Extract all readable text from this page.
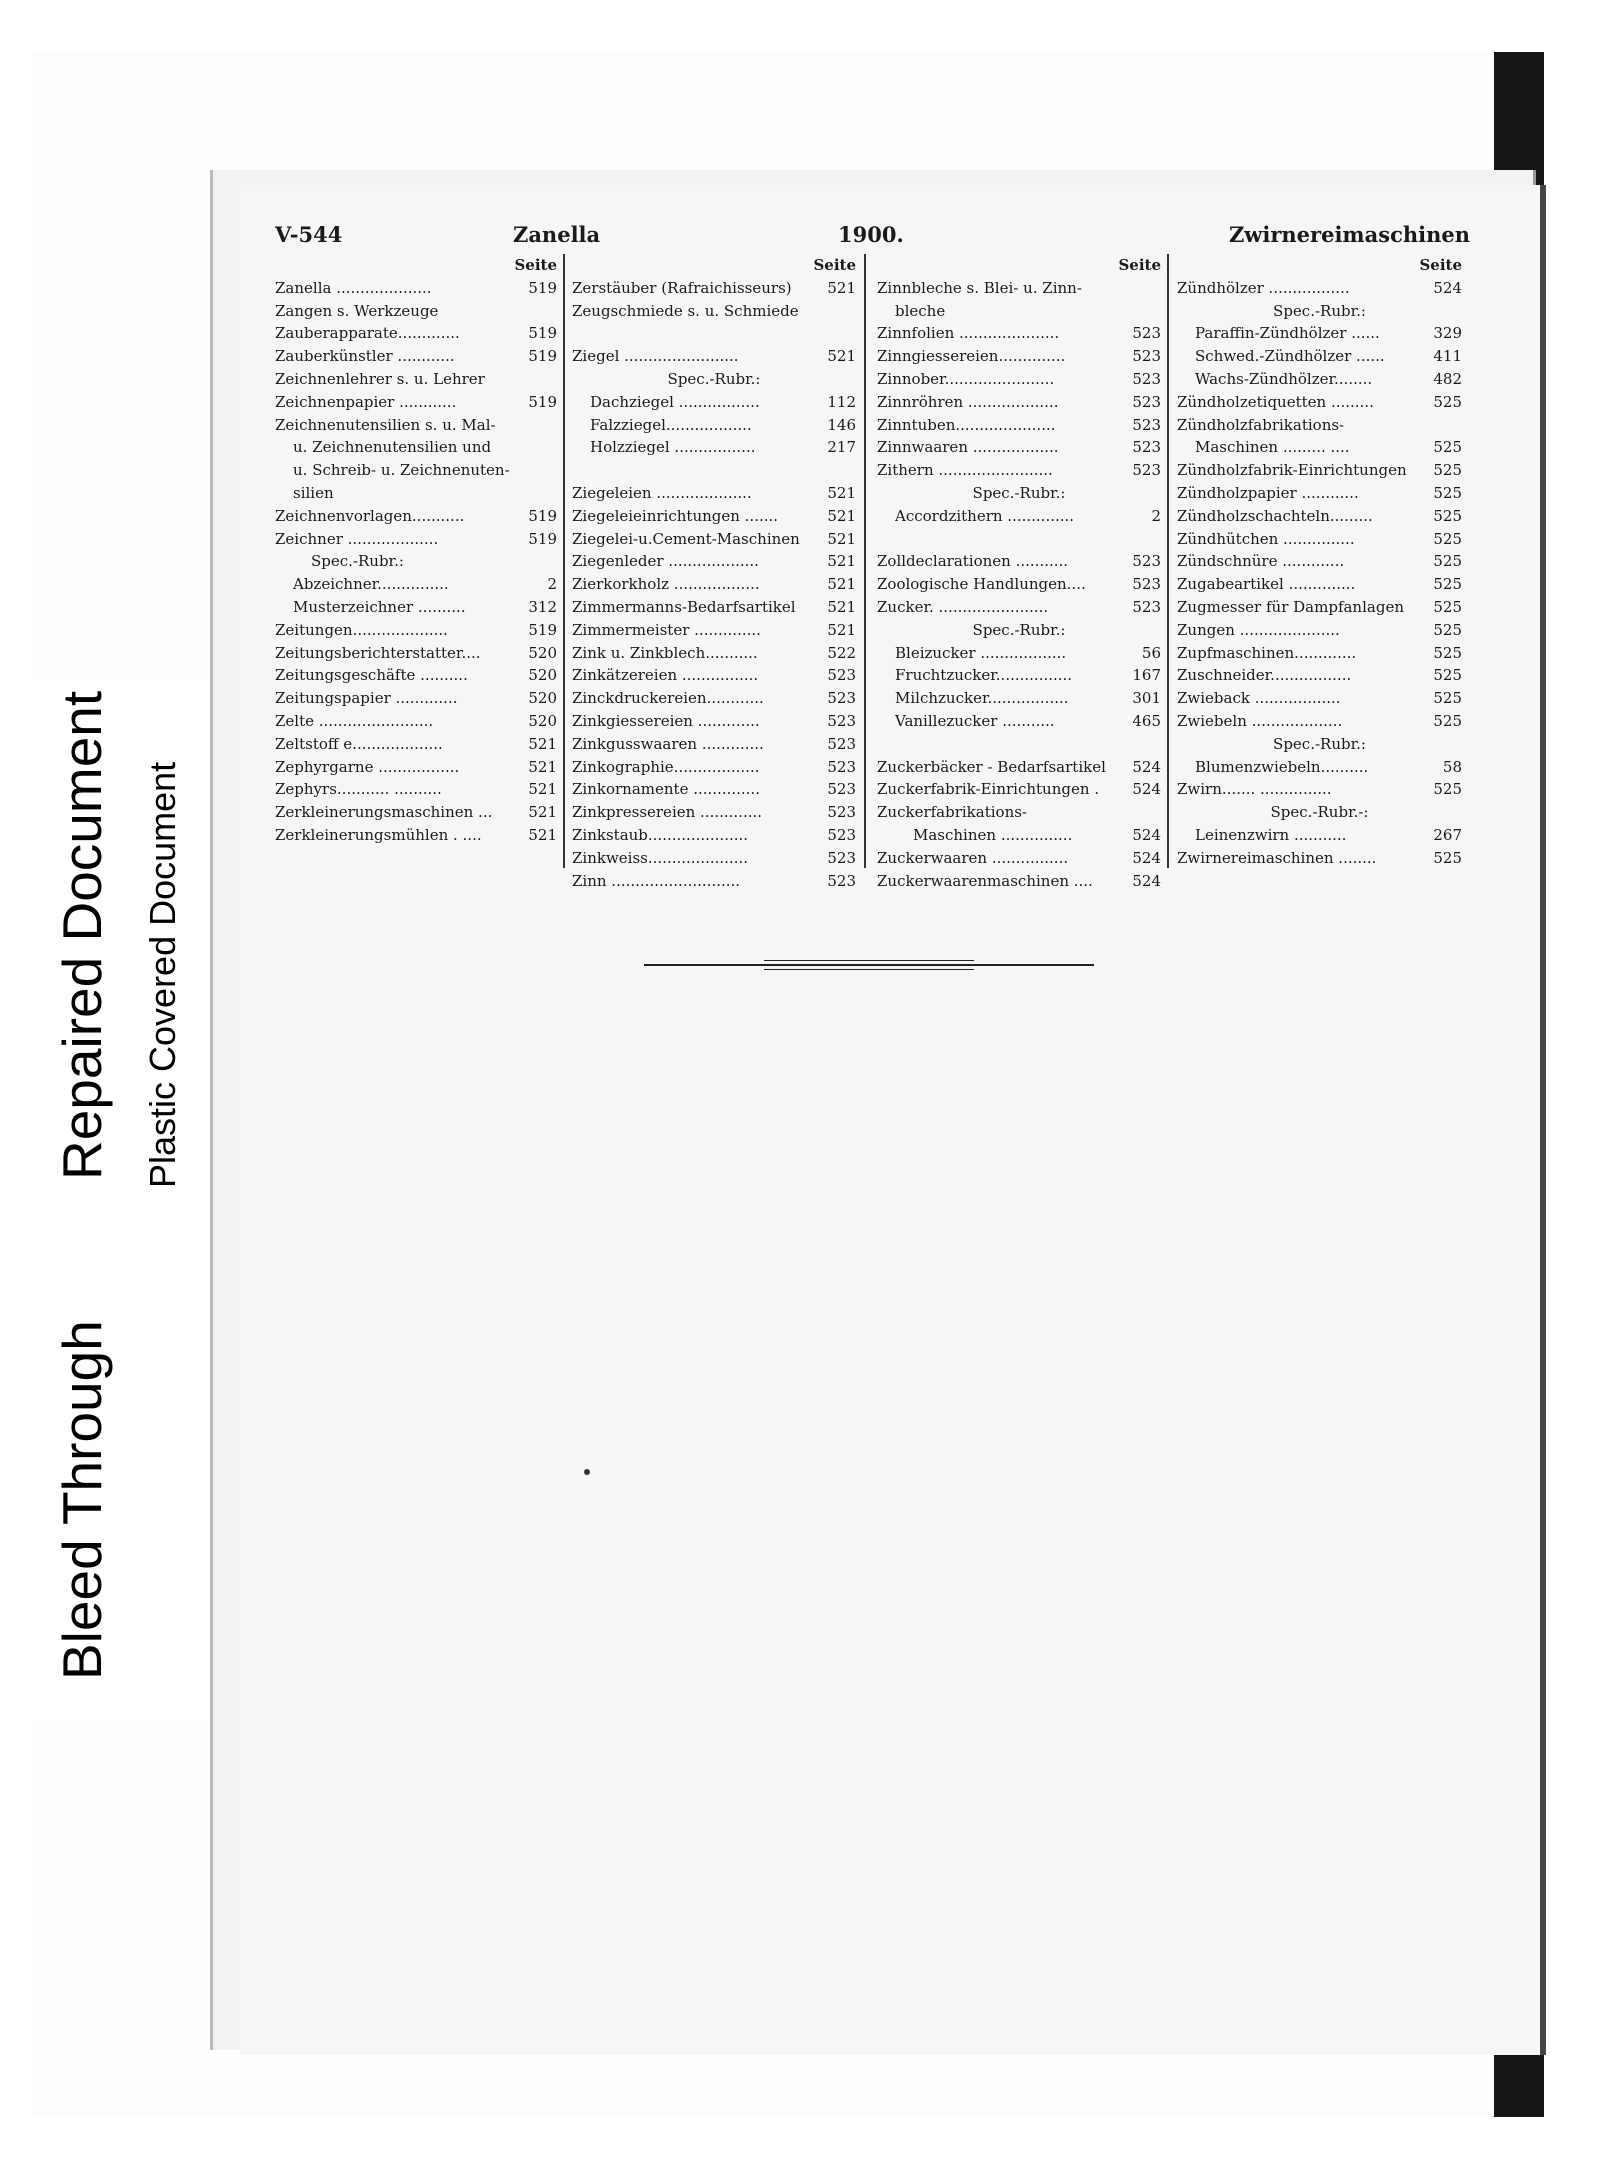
Bleed Through
Repaired Document Plastic Covered Document
V-544	Zanella	1900.	Zwirnereimaschinen
Seite
Zanella ....................	519
Zangen s. Werkzeuge
Zauberapparate.............	519
Zauberkünstler ............	519
Zeichnenlehrer s. u. Lehrer
Zeichnenpapier ............	519
Zeichnenutensilien s. u. Mal-
u. Zeichnenutensilien und
u. Schreib- u. Zeichnenuten-
silien
Zeichnenvorlagen...........	519
Zeichner ...................	519
Spec.-Rubr.:
Abzeichner...............	2
Musterzeichner ..........	312
Zeitungen....................	519
Zeitungsberichterstatter....	520
Zeitungsgeschäfte ..........	520
Zeitungspapier .............	520
Zelte ........................	520
Zeltstoff e...................	521
Zephyrgarne .................	521
Zephyrs........... ..........	521
Zerkleinerungsmaschinen ... 521
Zerkleinerungsmühlen . ....	521
Seite
Zerstäuber (Rafraichisseurs) 521
Zeugschmiede s. u. Schmiede
Ziegel ........................	521
Spec.-Rubr.:
Dachziegel .................	112
Falzziegel..................	146
Holzziegel .................	217
Ziegeleien ....................	521
Ziegeleieinrichtungen .......	521
Ziegelei-u.Cement-Maschinen 521
Ziegenleder ...................	521
Zierkorkholz ..................	521
Zimmermanns-Bedarfsartikel 521
Zimmermeister ..............	521
Zink u. Zinkblech...........	522
Zinkätzereien ................	523
Zinckdruckereien............	523
Zinkgiessereien .............	523
Zinkgusswaaren .............	523
Zinkographie..................	523
Zinkornamente ..............	523
Zinkpressereien .............	523
Zinkstaub.....................	523
Zinkweiss.....................	523
Zinn ...........................	523
Seite
Zinnbleche s. Blei- u. Zinn-
bleche
Zinnfolien .....................	523
Zinngiessereien..............	523
Zinnober.......................	523
Zinnröhren ...................	523
Zinntuben.....................	523
Zinnwaaren ..................	523
Zithern ........................	523
Spec.-Rubr.:
Accordzithern ..............	2
Zolldeclarationen ...........	523
Zoologische Handlungen....	523
Zucker. .......................	523
Spec.-Rubr.:
Bleizucker ..................	56
Fruchtzucker................	167
Milchzucker.................	301
Vanillezucker ...........	465
Zuckerbäcker - Bedarfsartikel 524
Zuckerfabrik-Einrichtungen . 524
Zuckerfabrikations-
Maschinen ...............	524
Zuckerwaaren ................	524
Zuckerwaarenmaschinen ....	524
Seite
Zündhölzer .................	524
Spec.-Rubr.:
Paraffin-Zündhölzer ......	329
Schwed.-Zündhölzer ......	411
Wachs-Zündhölzer........	482
Zündholzetiquetten .........	525
Zündholzfabrikations-
Maschinen ......... ....	525
Zündholzfabrik-Einrichtungen 525
Zündholzpapier ............	525
Zündholzschachteln.........	525
Zündhütchen ...............	525
Zündschnüre .............	525
Zugabeartikel ..............	525
Zugmesser für Dampfanlagen 525
Zungen .....................	525
Zupfmaschinen.............	525
Zuschneider.................	525
Zwieback ..................	525
Zwiebeln ...................	525
Spec.-Rubr.:
Blumenzwiebeln..........	58
Zwirn....... ...............	525
Spec.-Rubr.-:
Leinenzwirn ...........	267
Zwirnereimaschinen ........	525
